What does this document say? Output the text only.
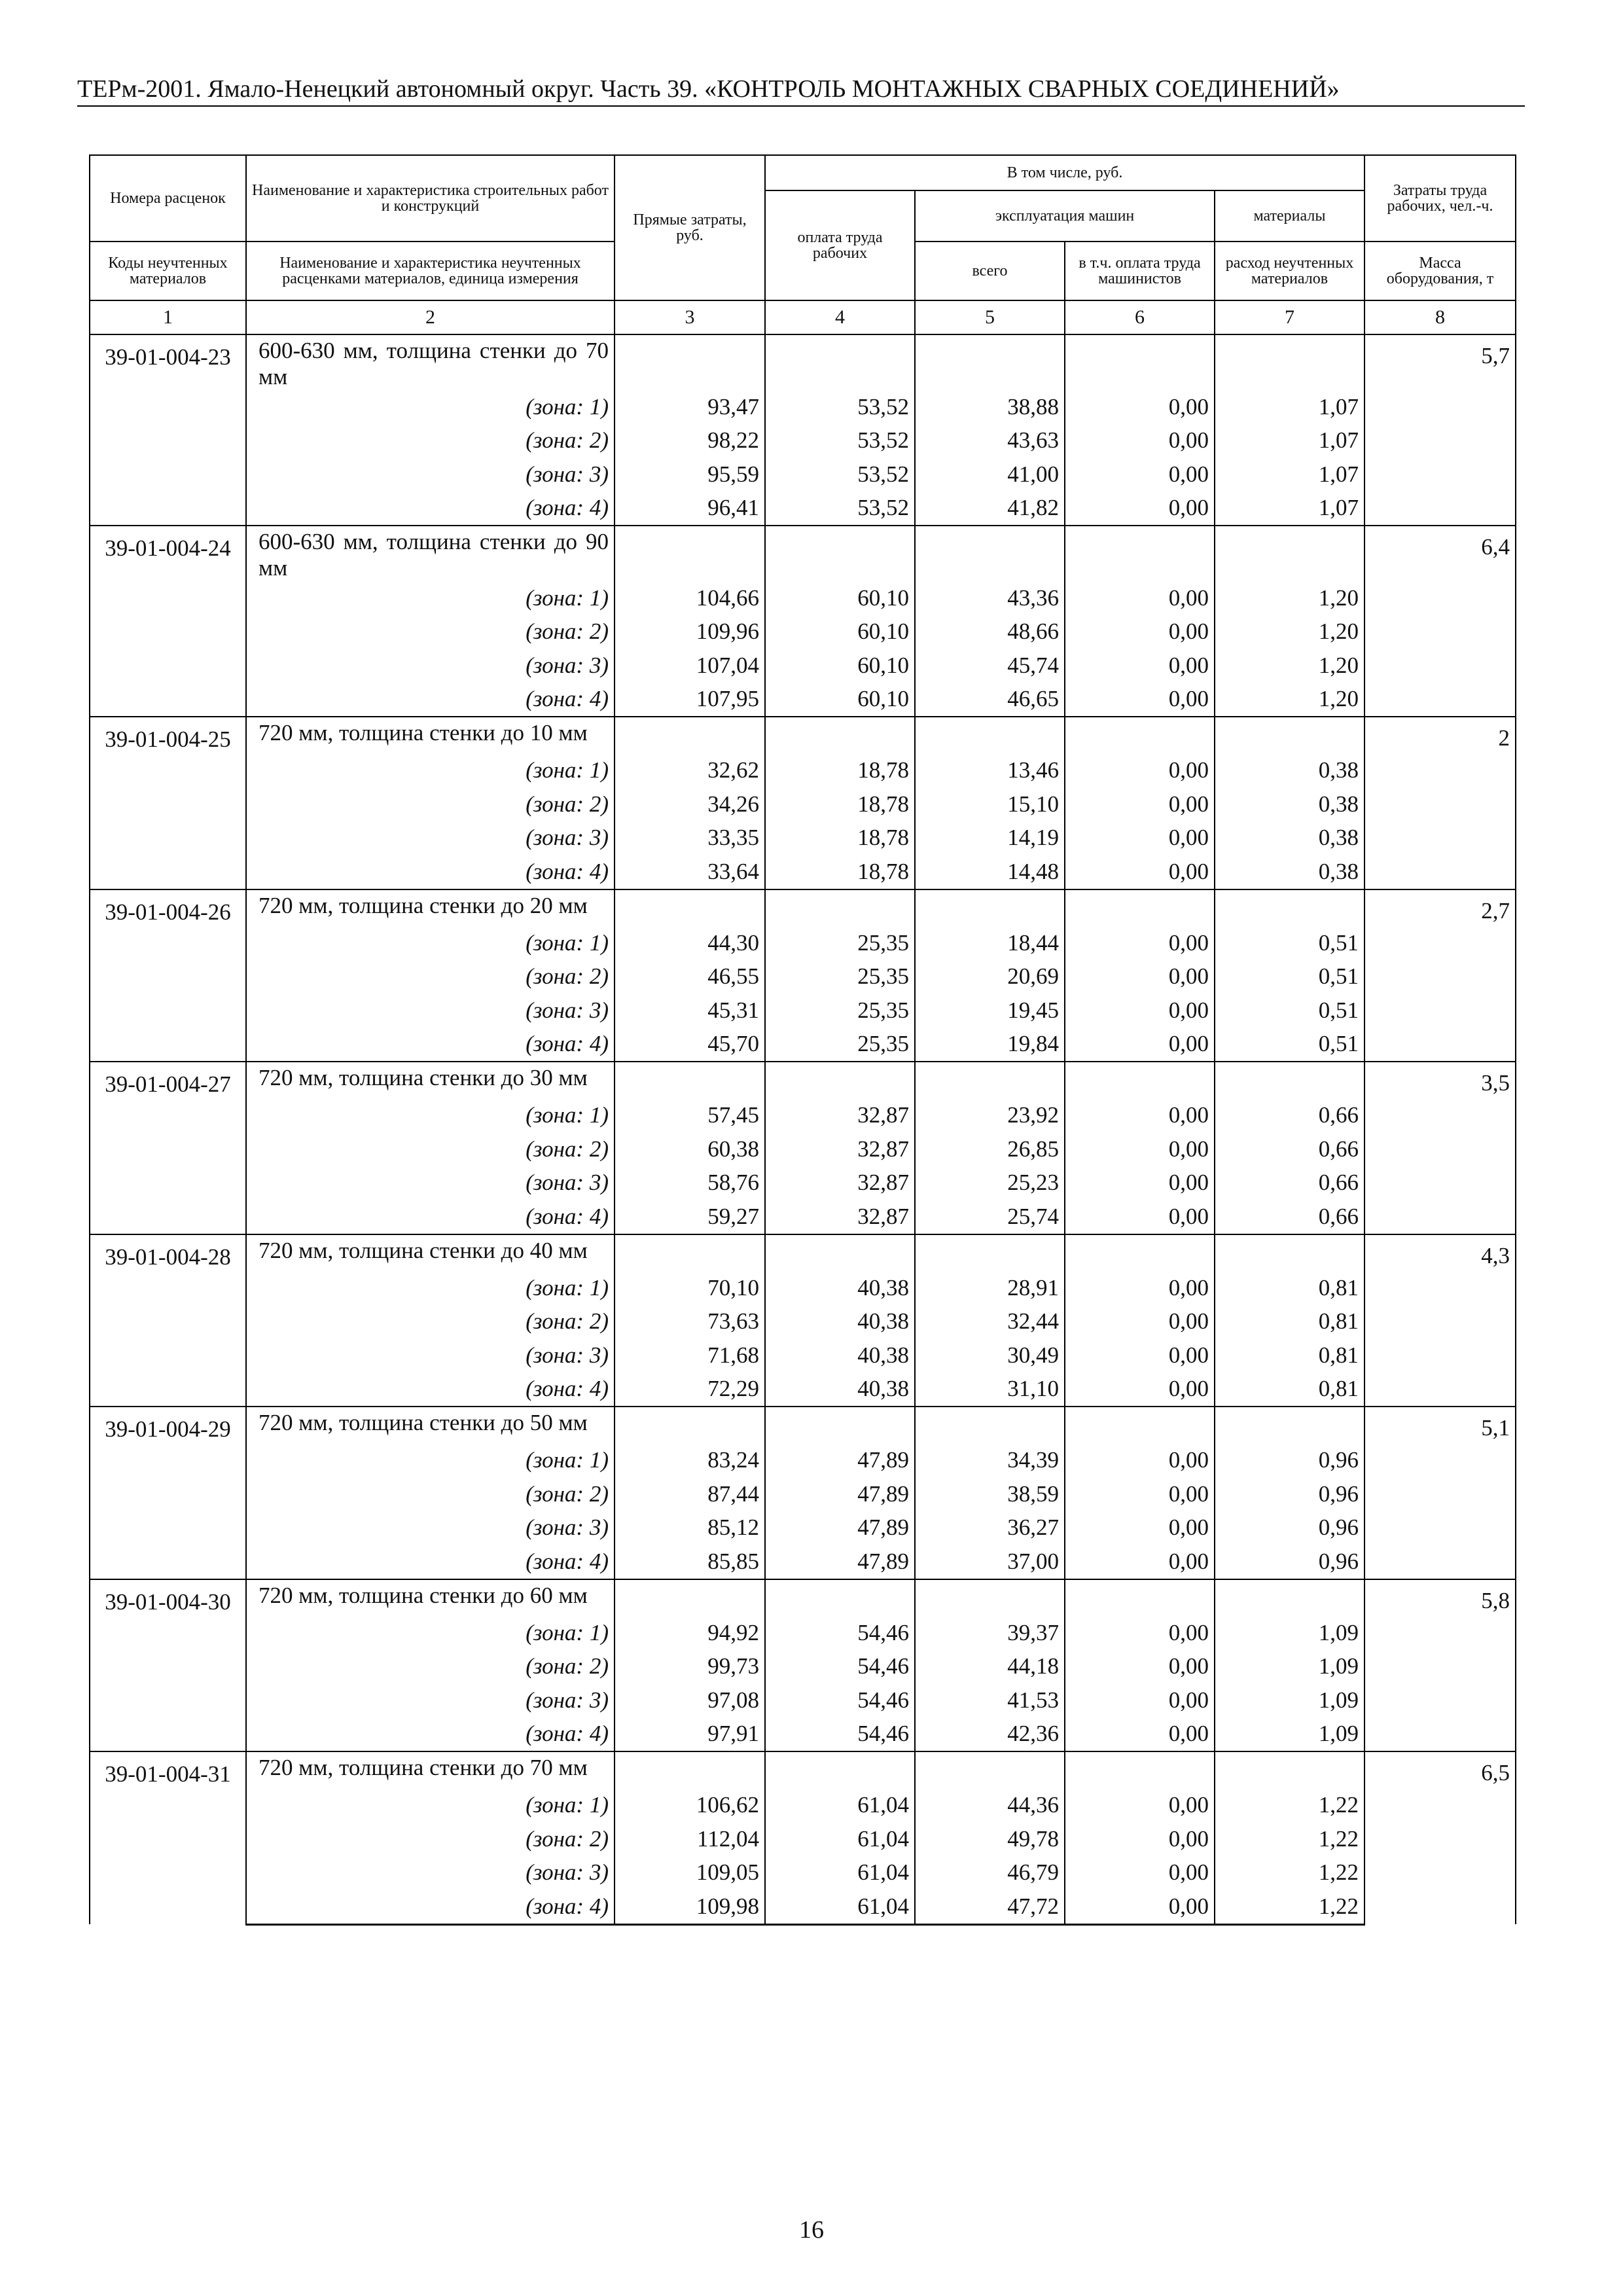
ТЕРм-2001. Ямало-Ненецкий автономный округ. Часть 39. «КОНТРОЛЬ МОНТАЖНЫХ СВАРНЫХ СОЕДИНЕНИЙ»
Номера расценок	Наименование и характеристика строительных работ и конструкций	Прямые затраты, руб.	В том числе, руб.				Затраты труда рабочих, чел.-ч.
			оплата труда рабочих	эксплуатация машин		материалы	
Коды неучтенных материалов	Наименование и характеристика неучтенных расценками материалов, единица измерения			всего	в т.ч. оплата труда машинистов	расход неучтенных материалов	Масса оборудования, т
1	2	3	4	5	6	7	8
39-01-004-23	600-630 мм, толщина стенки до 70 мм						5,7
	(зона: 1)	93,47	53,52	38,88	0,00	1,07	
	(зона: 2)	98,22	53,52	43,63	0,00	1,07	
	(зона: 3)	95,59	53,52	41,00	0,00	1,07	
	(зона: 4)	96,41	53,52	41,82	0,00	1,07	
39-01-004-24	600-630 мм, толщина стенки до 90 мм						6,4
	(зона: 1)	104,66	60,10	43,36	0,00	1,20	
	(зона: 2)	109,96	60,10	48,66	0,00	1,20	
	(зона: 3)	107,04	60,10	45,74	0,00	1,20	
	(зона: 4)	107,95	60,10	46,65	0,00	1,20	
39-01-004-25	720 мм, толщина стенки до 10 мм						2
	(зона: 1)	32,62	18,78	13,46	0,00	0,38	
	(зона: 2)	34,26	18,78	15,10	0,00	0,38	
	(зона: 3)	33,35	18,78	14,19	0,00	0,38	
	(зона: 4)	33,64	18,78	14,48	0,00	0,38	
39-01-004-26	720 мм, толщина стенки до 20 мм						2,7
	(зона: 1)	44,30	25,35	18,44	0,00	0,51	
	(зона: 2)	46,55	25,35	20,69	0,00	0,51	
	(зона: 3)	45,31	25,35	19,45	0,00	0,51	
	(зона: 4)	45,70	25,35	19,84	0,00	0,51	
39-01-004-27	720 мм, толщина стенки до 30 мм						3,5
	(зона: 1)	57,45	32,87	23,92	0,00	0,66	
	(зона: 2)	60,38	32,87	26,85	0,00	0,66	
	(зона: 3)	58,76	32,87	25,23	0,00	0,66	
	(зона: 4)	59,27	32,87	25,74	0,00	0,66	
39-01-004-28	720 мм, толщина стенки до 40 мм						4,3
	(зона: 1)	70,10	40,38	28,91	0,00	0,81	
	(зона: 2)	73,63	40,38	32,44	0,00	0,81	
	(зона: 3)	71,68	40,38	30,49	0,00	0,81	
	(зона: 4)	72,29	40,38	31,10	0,00	0,81	
39-01-004-29	720 мм, толщина стенки до 50 мм						5,1
	(зона: 1)	83,24	47,89	34,39	0,00	0,96	
	(зона: 2)	87,44	47,89	38,59	0,00	0,96	
	(зона: 3)	85,12	47,89	36,27	0,00	0,96	
	(зона: 4)	85,85	47,89	37,00	0,00	0,96	
39-01-004-30	720 мм, толщина стенки до 60 мм						5,8
	(зона: 1)	94,92	54,46	39,37	0,00	1,09	
	(зона: 2)	99,73	54,46	44,18	0,00	1,09	
	(зона: 3)	97,08	54,46	41,53	0,00	1,09	
	(зона: 4)	97,91	54,46	42,36	0,00	1,09	
39-01-004-31	720 мм, толщина стенки до 70 мм						6,5
	(зона: 1)	106,62	61,04	44,36	0,00	1,22	
	(зона: 2)	112,04	61,04	49,78	0,00	1,22	
	(зона: 3)	109,05	61,04	46,79	0,00	1,22	
	(зона: 4)	109,98	61,04	47,72	0,00	1,22	
16
